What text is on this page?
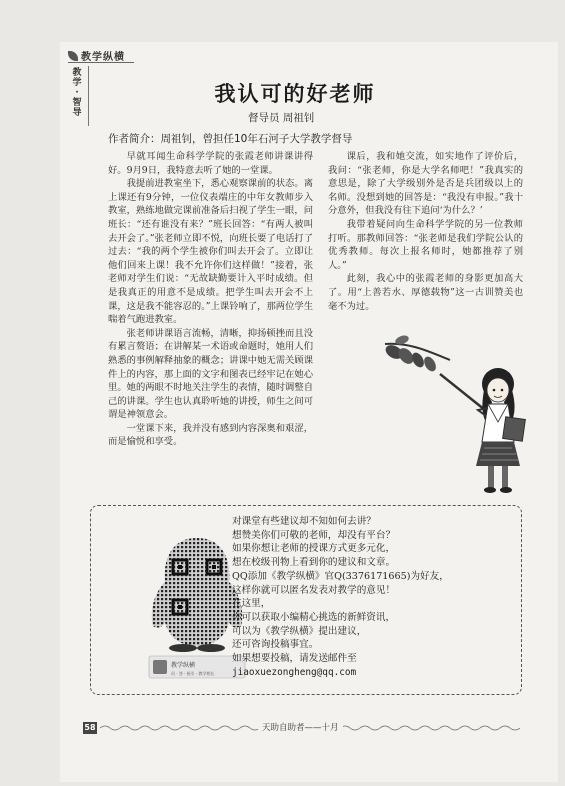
教学纵横
教
学
·
智
导
我认可的好老师
督导员 周祖钊
作者简介：周祖钊，曾担任10年石河子大学教学督导

早就耳闻生命科学学院的张霞老师讲课讲得好。9月9日，我特意去听了她的一堂课。

我提前进教室坐下，悉心观察课前的状态。离上课还有9分钟，一位仪表端庄的中年女教师步入教室，熟练地做完课前准备后扫视了学生一眼，问班长：“还有谁没有来？”班长回答：“有两人被叫去开会了。”张老师立即不悦，向班长要了电话打了过去：“我的两个学生被你们叫去开会了。立即让他们回来上课！我不允许你们这样做！”接着，张老师对学生们说：“无故缺勤要计入平时成绩。但是我真正的用意不是成绩。把学生叫去开会不上课，这是我不能容忍的。”上课铃响了，那两位学生喘着气跑进教室。

张老师讲课语言流畅，清晰，抑扬顿挫而且没有累言赘语；在讲解某一术语或命题时，她用人们熟悉的事例解释抽象的概念；讲课中她无需关顾课件上的内容，那上面的文字和图表已经牢记在她心里。她的两眼不时地关注学生的表情，随时调整自己的讲课。学生也认真聆听她的讲授，师生之间可谓是神领意会。

一堂课下来，我并没有感到内容深奥和艰涩，而是愉悦和享受。

课后，我和她交流，如实地作了评价后，我问：“张老师，你是大学名师吧！”我真实的意思是，除了大学级别外是否是兵团级以上的名师。没想到她的回答是：“我没有申报。”我十分意外，但我没有往下追问‘为什么？’

我带着疑问向生命科学学院的另一位教师打听。那教师回答：“张老师是我们学院公认的优秀教师。每次上报名师时，她都推荐了别人。”

此刻，我心中的张霞老师的身影更加高大了。用“上善若水、厚德载物”这一古训赞美也毫不为过。

教学纵横
问 · 答 · 指引 · 教学相长
对课堂有些建议却不知如何去讲？
想赞美你们可敬的老师，却没有平台？
如果你想让老师的授课方式更多元化，
想在校级刊物上看到你的建议和文章。
QQ添加《教学纵横》官Q(3376171665)为好友，
这样你就可以匿名发表对教学的意见！
在这里，
你可以获取小编精心挑选的新鲜资讯，
可以为《教学纵横》提出建议，
还可咨询投稿事宜。
如果想要投稿，请发送邮件至
jiaoxuezongheng@qq.com
58	天助自助者——十月
